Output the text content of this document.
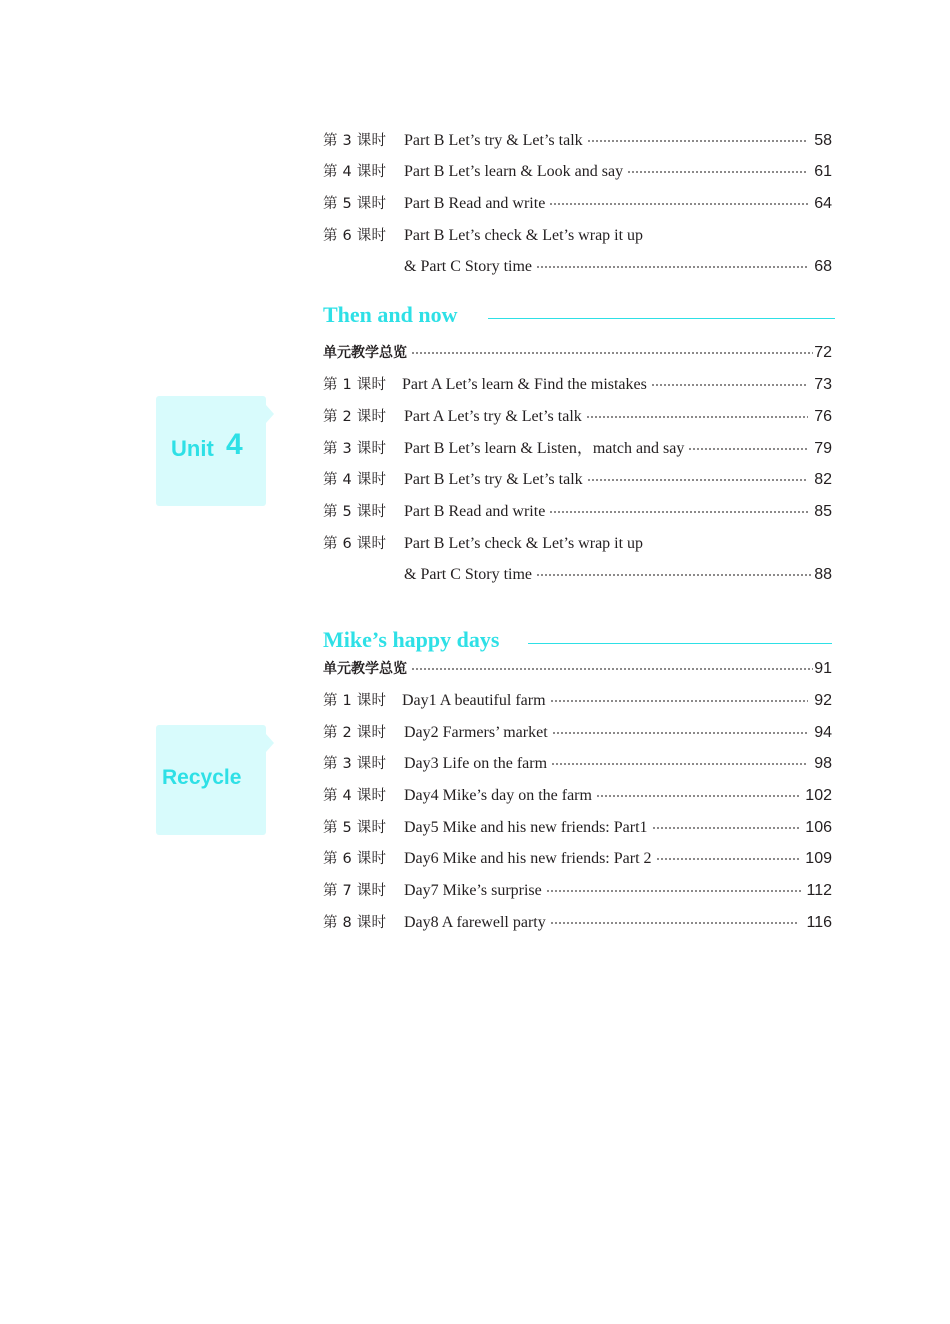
第 3 课时 Part B Let’s try & Let’s talk	58
第 4 课时 Part B Let’s learn & Look and say	61
第 5 课时 Part B Read and write	64
第 6 课时 Part B Let’s check & Let’s wrap it up
& Part C Story time	68
Unit 4
Then and now
单元教学总览	72
第 1 课时 Part A Let’s learn & Find the mistakes	73
第 2 课时 Part A Let’s try & Let’s talk	76
第 3 课时 Part B Let’s learn & Listen，match and say	79
第 4 课时 Part B Let’s try & Let’s talk	82
第 5 课时 Part B Read and write	85
第 6 课时 Part B Let’s check & Let’s wrap it up
& Part C Story time	88
Recycle
Mike’s happy days
单元教学总览	91
第 1 课时 Day1 A beautiful farm	92
第 2 课时 Day2 Farmers’ market	94
第 3 课时 Day3 Life on the farm	98
第 4 课时 Day4 Mike’s day on the farm	102
第 5 课时 Day5 Mike and his new friends: Part1	106
第 6 课时 Day6 Mike and his new friends: Part 2	109
第 7 课时 Day7 Mike’s surprise	112
第 8 课时 Day8 A farewell party	116
